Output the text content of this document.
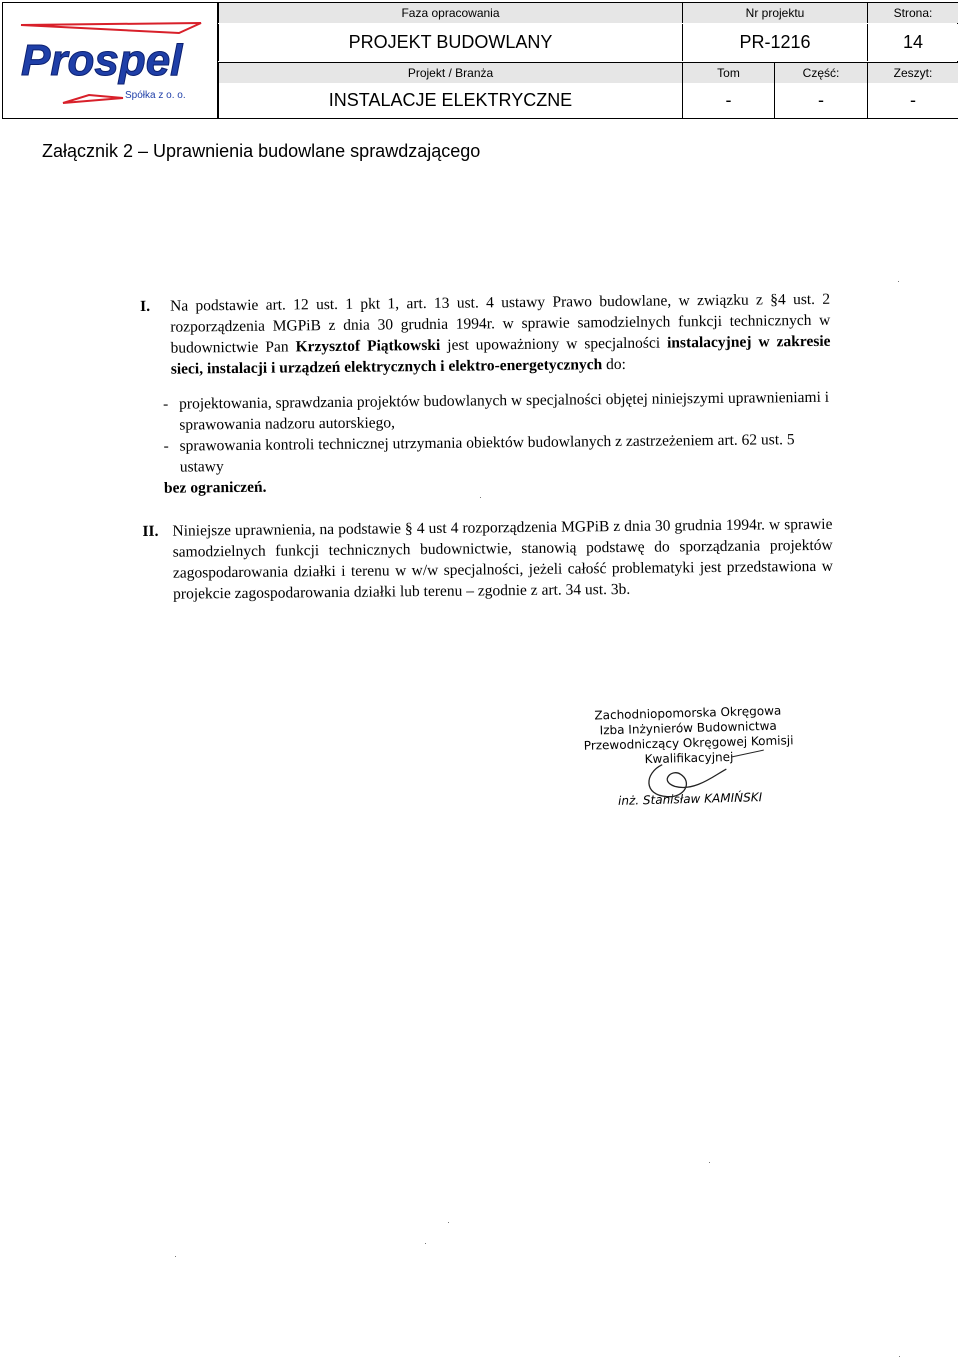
Prospel
Spółka z o. o.
Faza opracowania	Nr projektu	Strona:
PROJEKT BUDOWLANY	PR-1216	14
Projekt / Branża	Tom	Część:	Zeszyt:
INSTALACJE ELEKTRYCZNE	-	-	-
Załącznik 2 – Uprawnienia budowlane sprawdzającego
I.	Na podstawie art. 12 ust. 1 pkt 1, art. 13 ust. 4 ustawy Prawo budowlane, w związku z §4 ust. 2 rozporządzenia MGPiB z dnia 30 grudnia 1994r. w sprawie samodzielnych funkcji technicznych w budownictwie Pan Krzysztof Piątkowski jest upoważniony w specjalności instalacyjnej w zakresie sieci, instalacji i urządzeń elektrycznych i elektro-energetycznych do:
- projektowania, sprawdzania projektów budowlanych w specjalności objętej niniejszymi uprawnieniami i sprawowania nadzoru autorskiego,
- sprawowania kontroli technicznej utrzymania obiektów budowlanych z zastrzeżeniem art. 62 ust. 5 ustawy
bez ograniczeń.
II. Niniejsze uprawnienia, na podstawie § 4 ust 4 rozporządzenia MGPiB z dnia 30 grudnia 1994r. w sprawie samodzielnych funkcji technicznych budownictwie, stanowią podstawę do sporządzania projektów zagospodarowania działki i terenu w w/w specjalności, jeżeli całość problematyki jest przedstawiona w projekcie zagospodarowania działki lub terenu – zgodnie z art. 34 ust. 3b.
Zachodniopomorska Okręgowa
Izba Inżynierów Budownictwa
Przewodniczący Okręgowej Komisji
Kwalifikacyjnej
inż. Stanisław KAMIŃSKI
